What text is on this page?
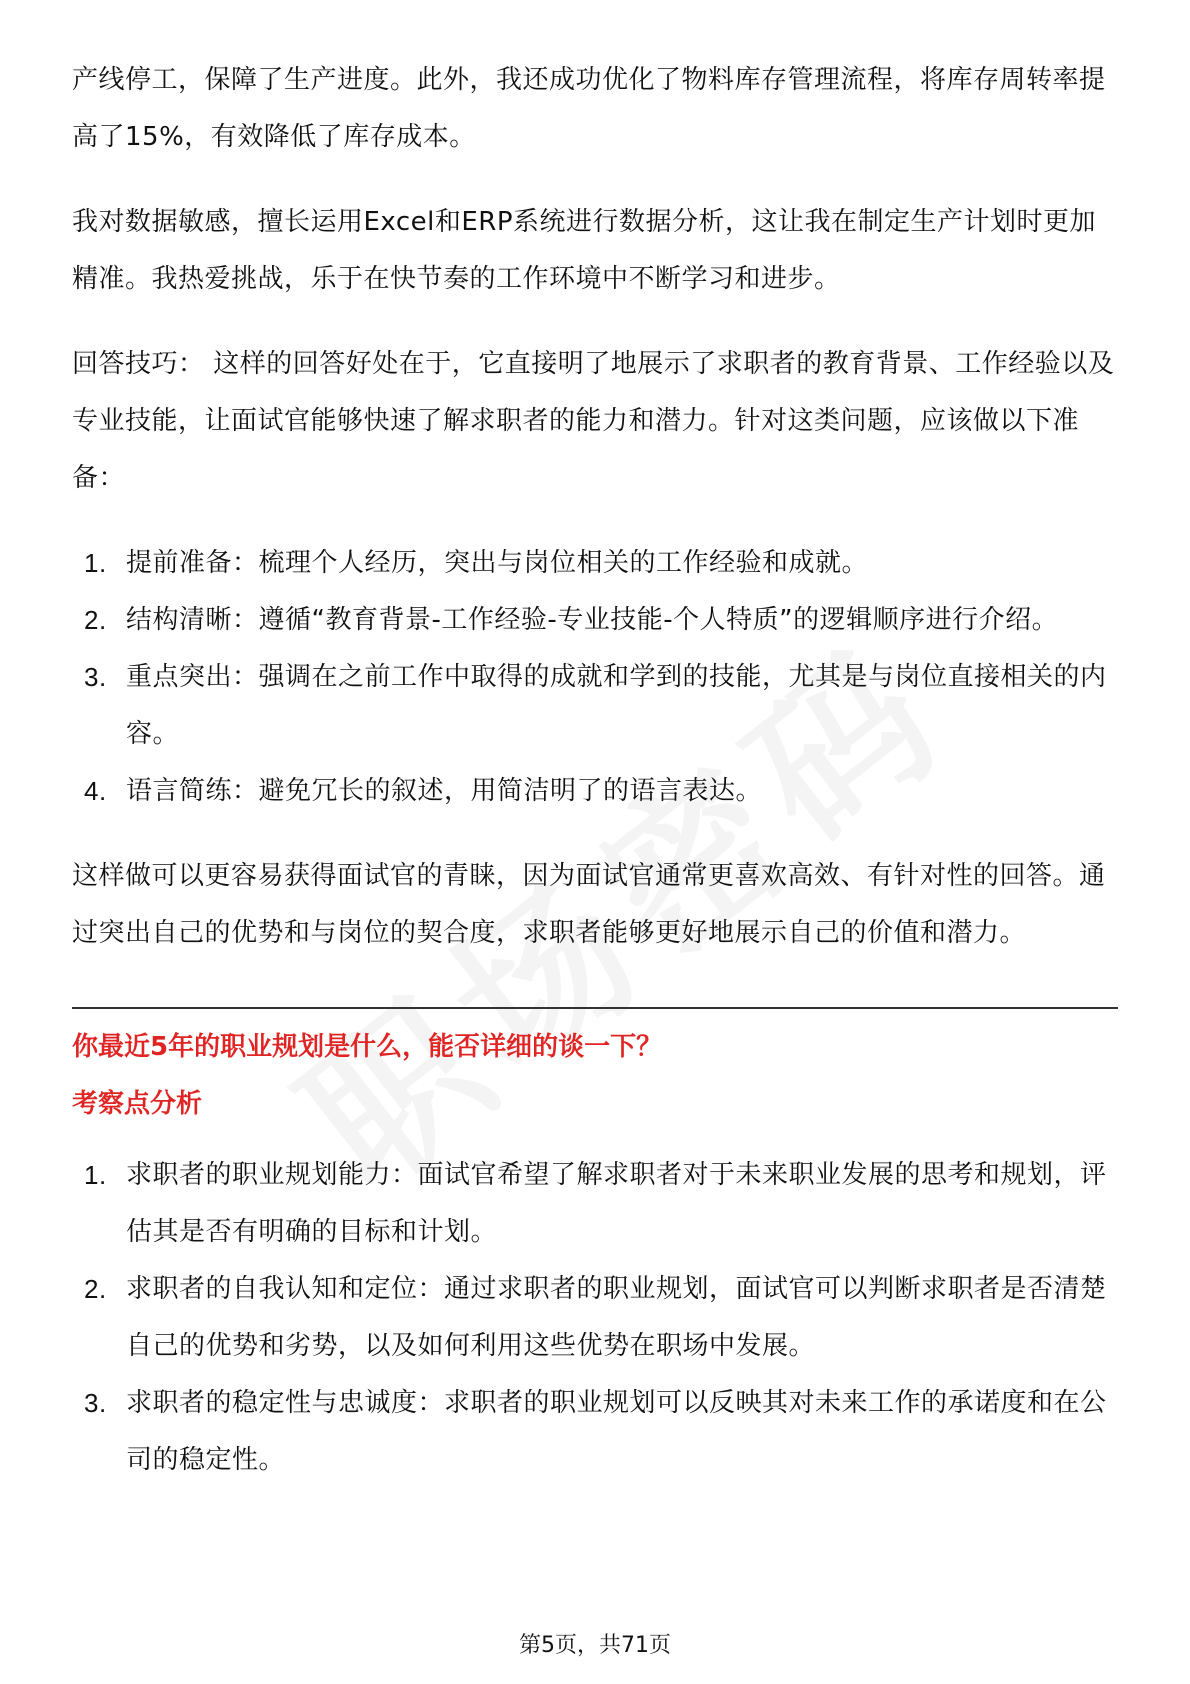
产线停工，保障了生产进度。此外，我还成功优化了物料库存管理流程，将库存周转率提高了15%，有效降低了库存成本。

我对数据敏感，擅长运用Excel和ERP系统进行数据分析，这让我在制定生产计划时更加精准。我热爱挑战，乐于在快节奏的工作环境中不断学习和进步。

回答技巧： 这样的回答好处在于，它直接明了地展示了求职者的教育背景、工作经验以及专业技能，让面试官能够快速了解求职者的能力和潜力。针对这类问题，应该做以下准备：

1. 提前准备：梳理个人经历，突出与岗位相关的工作经验和成就。
2. 结构清晰：遵循“教育背景-工作经验-专业技能-个人特质”的逻辑顺序进行介绍。
3. 重点突出：强调在之前工作中取得的成就和学到的技能，尤其是与岗位直接相关的内容。
4. 语言简练：避免冗长的叙述，用简洁明了的语言表达。

这样做可以更容易获得面试官的青睐，因为面试官通常更喜欢高效、有针对性的回答。通过突出自己的优势和与岗位的契合度，求职者能够更好地展示自己的价值和潜力。

你最近5年的职业规划是什么，能否详细的谈一下？

考察点分析

1. 求职者的职业规划能力：面试官希望了解求职者对于未来职业发展的思考和规划，评估其是否有明确的目标和计划。
2. 求职者的自我认知和定位：通过求职者的职业规划，面试官可以判断求职者是否清楚自己的优势和劣势，以及如何利用这些优势在职场中发展。
3. 求职者的稳定性与忠诚度：求职者的职业规划可以反映其对未来工作的承诺度和在公司的稳定性。
第5页，共71页
